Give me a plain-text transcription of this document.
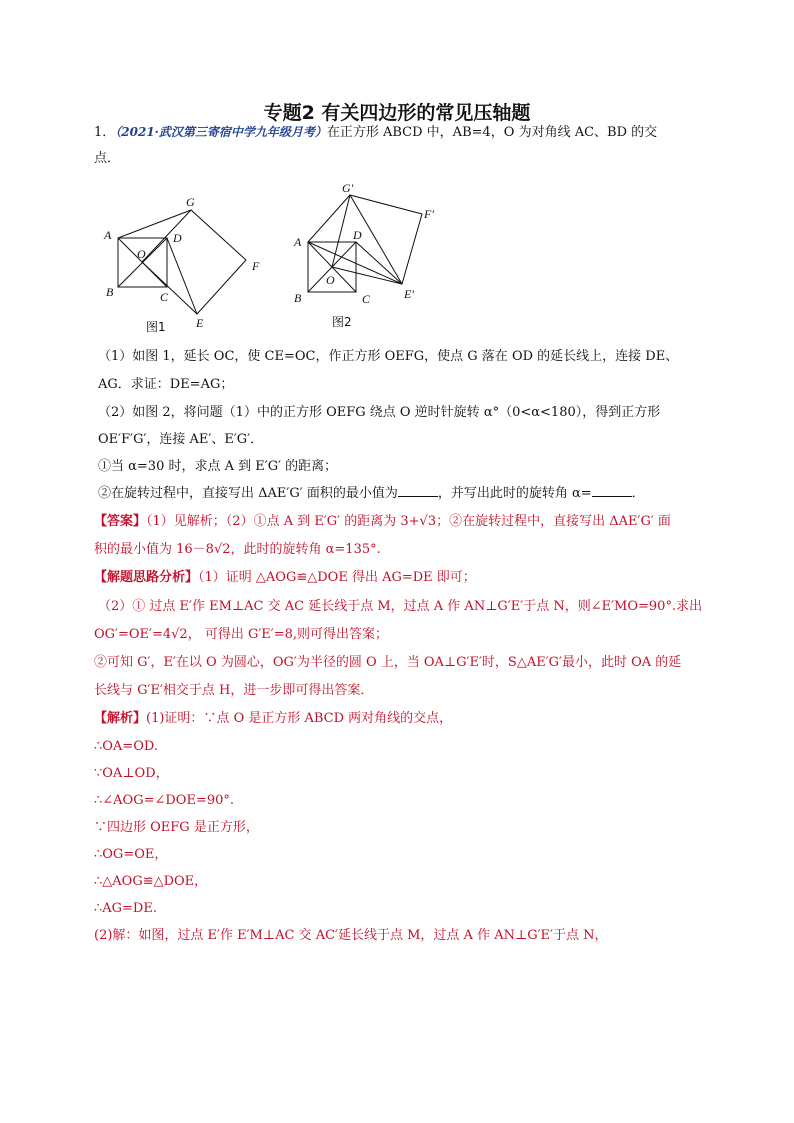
专题2 有关四边形的常见压轴题
1．（2021·武汉第三寄宿中学九年级月考）在正方形 ABCD 中，AB=4，O 为对角线 AC、BD 的交
点．
A
B	C
D
O
G
F
E
图1
A
B	C
D
O
G′
F′
E′
图2
（1）如图 1，延长 OC，使 CE=OC，作正方形 OEFG，使点 G 落在 OD 的延长线上，连接 DE、
AG．求证：DE=AG；
（2）如图 2，将问题（1）中的正方形 OEFG 绕点 O 逆时针旋转 α°（0<α<180），得到正方形
OE′F′G′，连接 AE′、E′G′．
①当 α=30 时，求点 A 到 E′G′ 的距离；
②在旋转过程中，直接写出 ΔAE′G′ 面积的最小值为	，并写出此时的旋转角 α=	．
【答案】（1）见解析；（2）①点 A 到 E′G′ 的距离为 3+√3；②在旋转过程中，直接写出 ΔAE′G′ 面
积的最小值为 16－8√2，此时的旋转角 α=135°.
【解题思路分析】（1）证明 △AOG≌△DOE 得出 AG=DE 即可；
（2）① 过点 E′作 EM⊥AC 交 AC 延长线于点 M，过点 A 作 AN⊥G′E′于点 N，则∠E′MO=90°.求出
OG′=OE′=4√2， 可得出 G′E′=8,则可得出答案；
②可知 G′，E′在以 O 为圆心，OG′为半径的圆 O 上，当 OA⊥G′E′时，S△AE′G′最小，此时 OA 的延
长线与 G′E′相交于点 H，进一步即可得出答案．
【解析】(1)证明：∵点 O 是正方形 ABCD 两对角线的交点，
∴OA=OD.
∵OA⊥OD，
∴∠AOG=∠DOE=90°.
∵四边形 OEFG 是正方形，
∴OG=OE，
∴△AOG≌△DOE，
∴AG=DE.
(2)解：如图，过点 E′作 E′M⊥AC 交 AC′延长线于点 M，过点 A 作 AN⊥G′E′于点 N，
